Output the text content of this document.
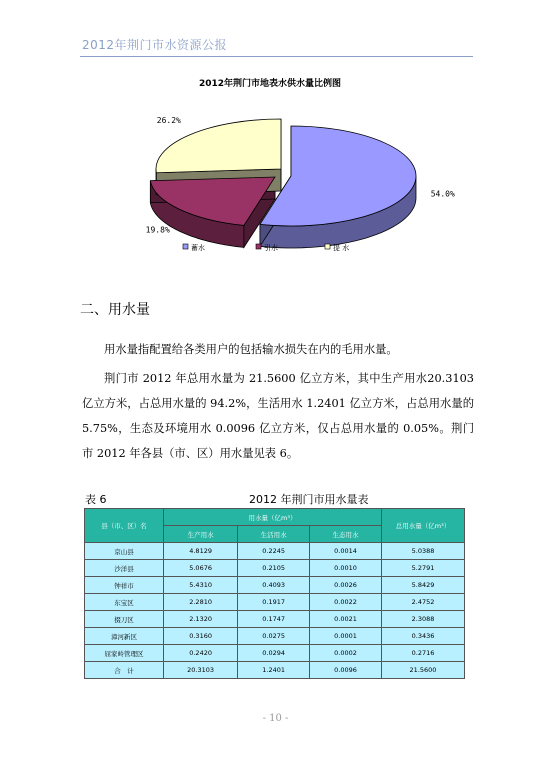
2012年荆门市水资源公报
2012年荆门市地表水供水量比例图
54.0%
19.8%
26.2%
蓄水	引水	提 水
二、用水量

用水量指配置给各类用户的包括输水损失在内的毛用水量。

荆门市 2012 年总用水量为 21.5600 亿立方米，其中生产用水20.3103 亿立方米，占总用水量的 94.2%，生活用水 1.2401 亿立方米，占总用水量的 5.75%，生态及环境用水 0.0096 亿立方米，仅占总用水量的 0.05%。荆门市 2012 年各县（市、区）用水量见表 6。

表 6	2012 年荆门市用水量表
县（市、区）名	用水量（亿m³）			总用水量（亿m³）
	生产用水	生活用水	生态用水	
京山县	4.8129	0.2245	0.0014	5.0388
沙洋县	5.0676	0.2105	0.0010	5.2791
钟祥市	5.4310	0.4093	0.0026	5.8429
东宝区	2.2810	0.1917	0.0022	2.4752
掇刀区	2.1320	0.1747	0.0021	2.3088
漳河新区	0.3160	0.0275	0.0001	0.3436
屈家岭管理区	0.2420	0.0294	0.0002	0.2716
合　计	20.3103	1.2401	0.0096	21.5600
- 10 -
